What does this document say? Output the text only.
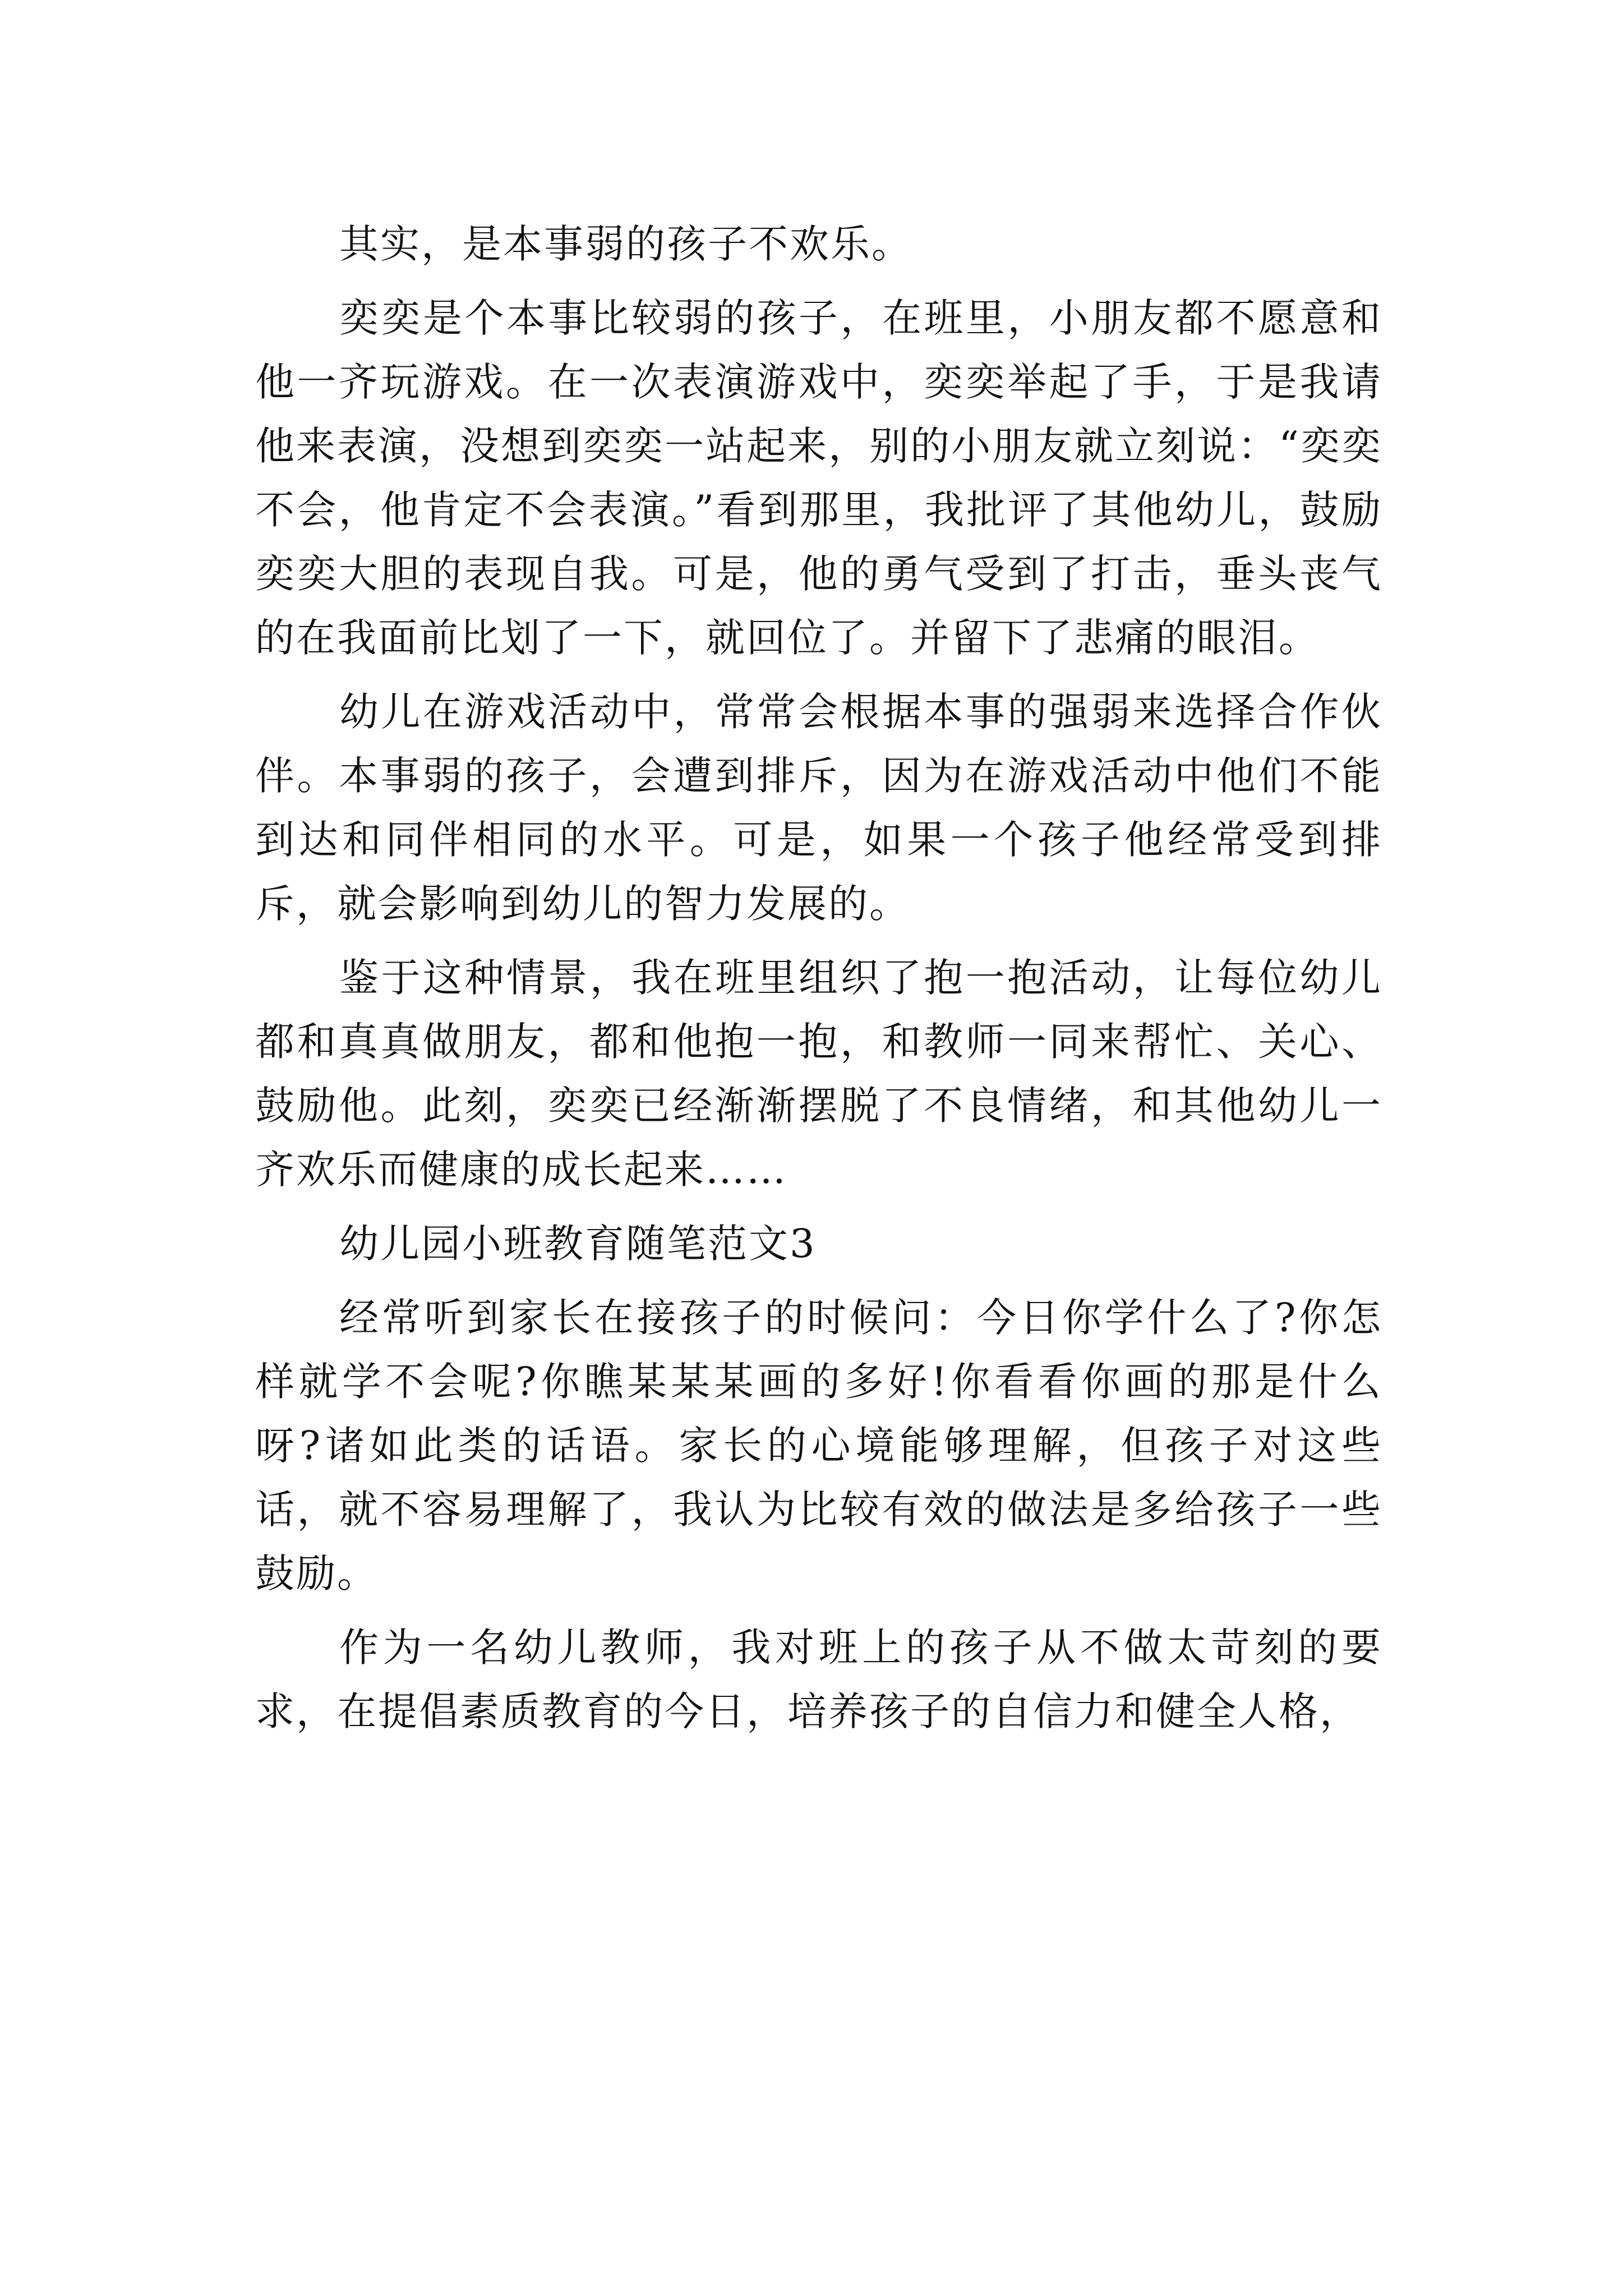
其实，是本事弱的孩子不欢乐。

奕奕是个本事比较弱的孩子，在班里，小朋友都不愿意和他一齐玩游戏。在一次表演游戏中，奕奕举起了手，于是我请他来表演，没想到奕奕一站起来，别的小朋友就立刻说：“奕奕不会，他肯定不会表演。”看到那里，我批评了其他幼儿，鼓励奕奕大胆的表现自我。可是，他的勇气受到了打击，垂头丧气的在我面前比划了一下，就回位了。并留下了悲痛的眼泪。

幼儿在游戏活动中，常常会根据本事的强弱来选择合作伙伴。本事弱的孩子，会遭到排斥，因为在游戏活动中他们不能到达和同伴相同的水平。可是，如果一个孩子他经常受到排斥，就会影响到幼儿的智力发展的。

鉴于这种情景，我在班里组织了抱一抱活动，让每位幼儿都和真真做朋友，都和他抱一抱，和教师一同来帮忙、关心、鼓励他。此刻，奕奕已经渐渐摆脱了不良情绪，和其他幼儿一齐欢乐而健康的成长起来……

幼儿园小班教育随笔范文3

经常听到家长在接孩子的时候问：今日你学什么了?你怎样就学不会呢?你瞧某某某画的多好!你看看你画的那是什么呀?诸如此类的话语。家长的心境能够理解，但孩子对这些话，就不容易理解了，我认为比较有效的做法是多给孩子一些鼓励。

作为一名幼儿教师，我对班上的孩子从不做太苛刻的要求，在提倡素质教育的今日，培养孩子的自信力和健全人格，
